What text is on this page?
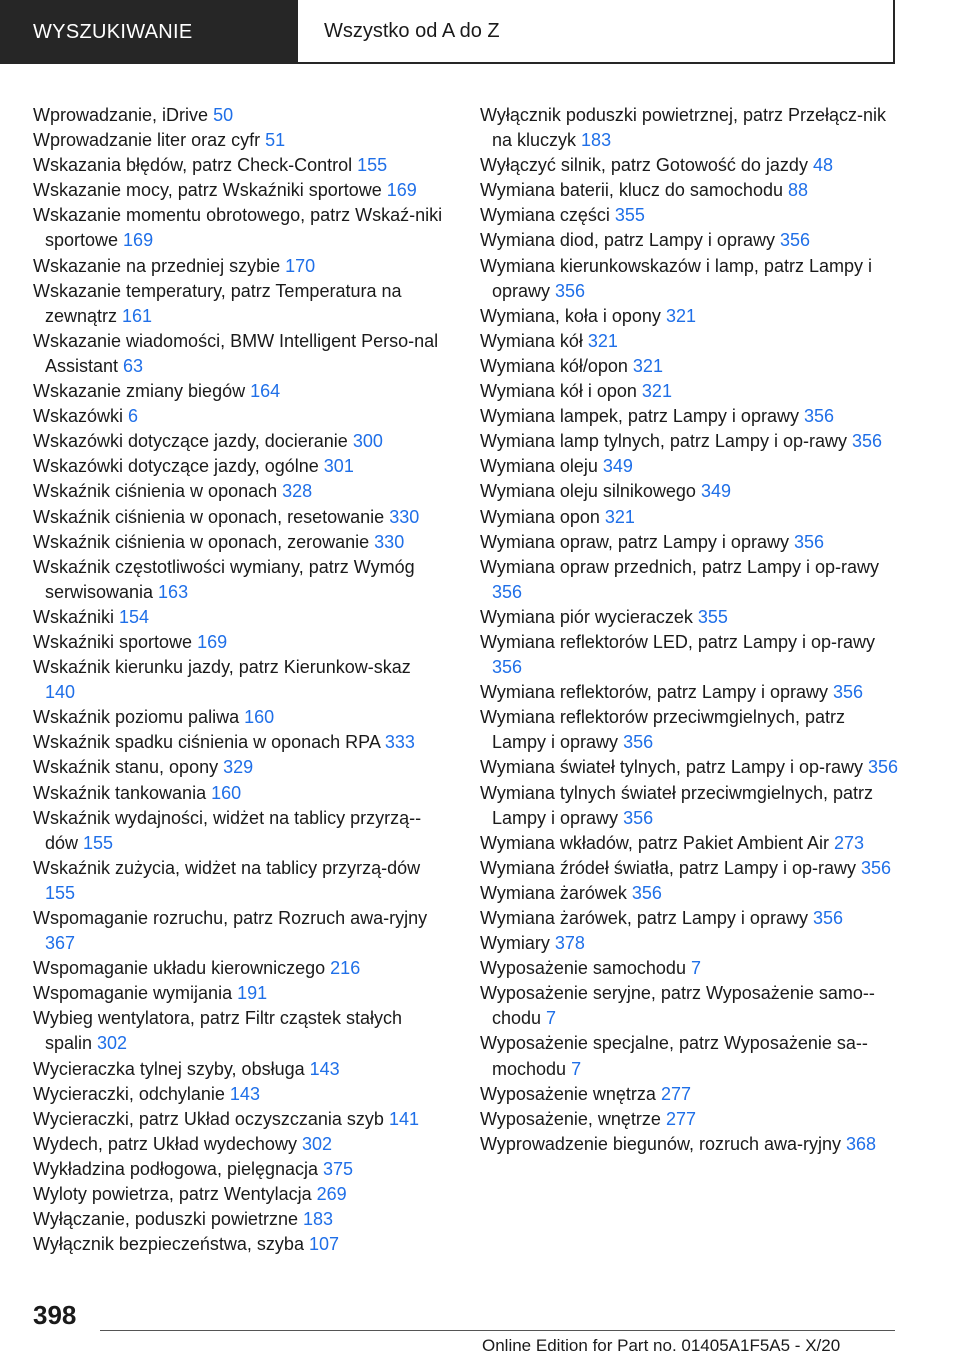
WYSZUKIWANIE	Wszystko od A do Z

Wprowadzanie, iDrive 50

Wprowadzanie liter oraz cyfr 51

Wskazania błędów, patrz Check-Control 155

Wskazanie mocy, patrz Wskaźniki sportowe 169

Wskazanie momentu obrotowego, patrz Wskaź-niki sportowe 169

Wskazanie na przedniej szybie 170

Wskazanie temperatury, patrz Temperatura na zewnątrz 161

Wskazanie wiadomości, BMW Intelligent Perso-nal Assistant 63

Wskazanie zmiany biegów 164

Wskazówki 6

Wskazówki dotyczące jazdy, docieranie 300

Wskazówki dotyczące jazdy, ogólne 301

Wskaźnik ciśnienia w oponach 328

Wskaźnik ciśnienia w oponach, resetowanie 330

Wskaźnik ciśnienia w oponach, zerowanie 330

Wskaźnik częstotliwości wymiany, patrz Wymóg serwisowania 163

Wskaźniki 154

Wskaźniki sportowe 169

Wskaźnik kierunku jazdy, patrz Kierunkow-skaz 140

Wskaźnik poziomu paliwa 160

Wskaźnik spadku ciśnienia w oponach RPA 333

Wskaźnik stanu, opony 329

Wskaźnik tankowania 160

Wskaźnik wydajności, widżet na tablicy przyrzą-dów 155

Wskaźnik zużycia, widżet na tablicy przyrzą-dów 155

Wspomaganie rozruchu, patrz Rozruch awa-ryjny 367

Wspomaganie układu kierowniczego 216

Wspomaganie wymijania 191

Wybieg wentylatora, patrz Filtr cząstek stałych spalin 302

Wycieraczka tylnej szyby, obsługa 143

Wycieraczki, odchylanie 143

Wycieraczki, patrz Układ oczyszczania szyb 141

Wydech, patrz Układ wydechowy 302

Wykładzina podłogowa, pielęgnacja 375

Wyloty powietrza, patrz Wentylacja 269

Wyłączanie, poduszki powietrzne 183

Wyłącznik bezpieczeństwa, szyba 107

Wyłącznik poduszki powietrznej, patrz Przełącz-nik na kluczyk 183

Wyłączyć silnik, patrz Gotowość do jazdy 48

Wymiana baterii, klucz do samochodu 88

Wymiana części 355

Wymiana diod, patrz Lampy i oprawy 356

Wymiana kierunkowskazów i lamp, patrz Lampy i oprawy 356

Wymiana, koła i opony 321

Wymiana kół 321

Wymiana kół/opon 321

Wymiana kół i opon 321

Wymiana lampek, patrz Lampy i oprawy 356

Wymiana lamp tylnych, patrz Lampy i op-rawy 356

Wymiana oleju 349

Wymiana oleju silnikowego 349

Wymiana opon 321

Wymiana opraw, patrz Lampy i oprawy 356

Wymiana opraw przednich, patrz Lampy i op-rawy 356

Wymiana piór wycieraczek 355

Wymiana reflektorów LED, patrz Lampy i op-rawy 356

Wymiana reflektorów, patrz Lampy i oprawy 356

Wymiana reflektorów przeciwmgielnych, patrz Lampy i oprawy 356

Wymiana świateł tylnych, patrz Lampy i op-rawy 356

Wymiana tylnych świateł przeciwmgielnych, patrz Lampy i oprawy 356

Wymiana wkładów, patrz Pakiet Ambient Air 273

Wymiana źródeł światła, patrz Lampy i op-rawy 356

Wymiana żarówek 356

Wymiana żarówek, patrz Lampy i oprawy 356

Wymiary 378

Wyposażenie samochodu 7

Wyposażenie seryjne, patrz Wyposażenie samo-chodu 7

Wyposażenie specjalne, patrz Wyposażenie sa-mochodu 7

Wyposażenie wnętrza 277

Wyposażenie, wnętrze 277

Wyprowadzenie biegunów, rozruch awa-ryjny 368

398
Online Edition for Part no. 01405A1F5A5 - X/20
